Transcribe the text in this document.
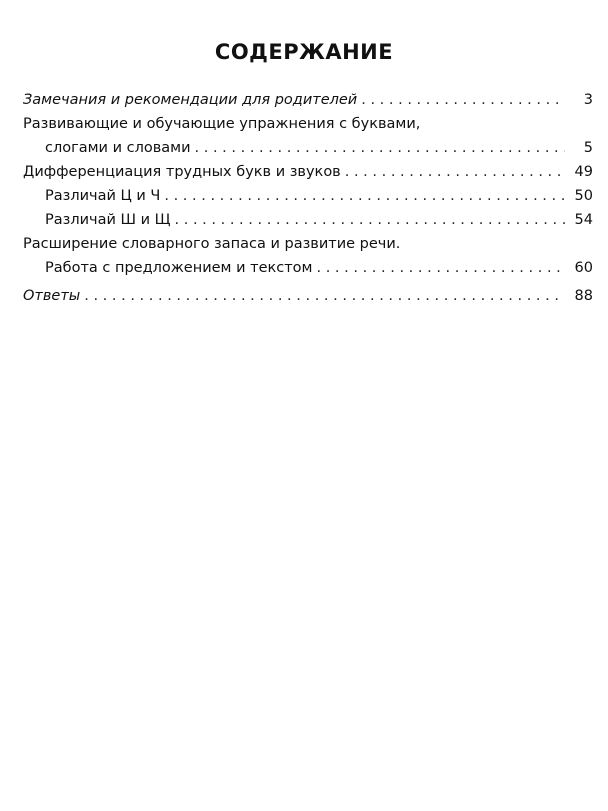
СОДЕРЖАНИЕ
Замечания и рекомендации для родителей . . .	3
Развивающие и обучающие упражнения с буквами,
слогами и словами . . .	5
Дифференциация трудных букв и звуков . . .	49
Различай Ц и Ч . . .	50
Различай Ш и Щ . . .	54
Расширение словарного запаса и развитие речи.
Работа с предложением и текстом . . .	60
Ответы . . .	88
